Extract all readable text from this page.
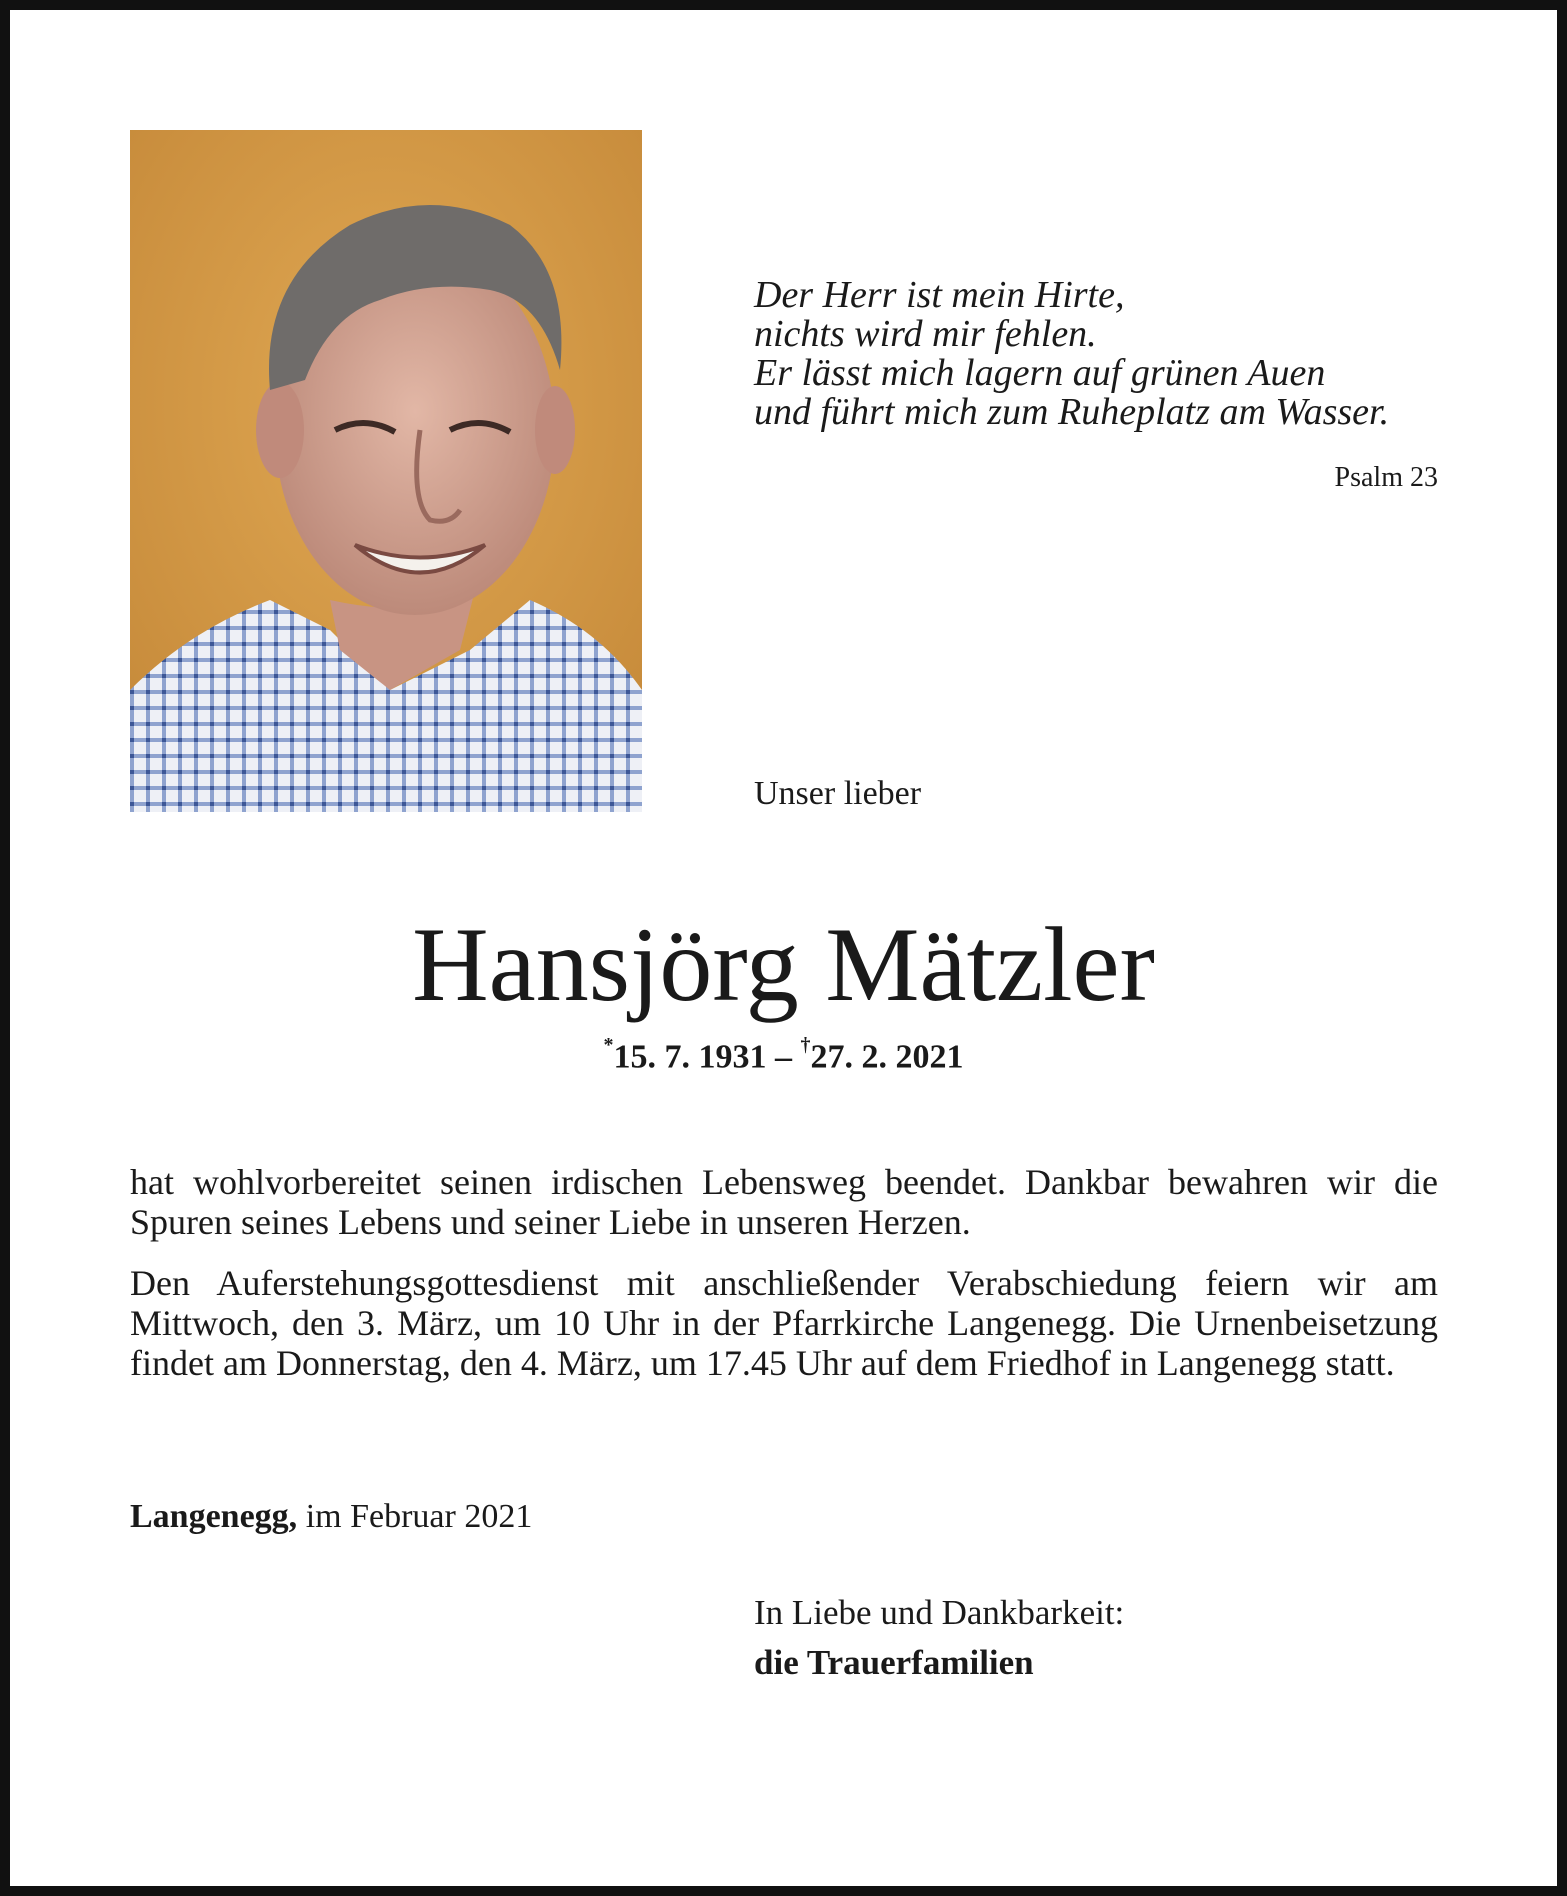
Der Herr ist mein Hirte,
nichts wird mir fehlen.
Er lässt mich lagern auf grünen Auen
und führt mich zum Ruheplatz am Wasser.
Psalm 23
Unser lieber
Hansjörg Mätzler
*15. 7. 1931 – †27. 2. 2021
hat wohlvorbereitet seinen irdischen Lebensweg beendet. Dankbar bewahren wir die Spuren seines Lebens und seiner Liebe in unseren Herzen.
Den Auferstehungsgottesdienst mit anschließender Verabschiedung feiern wir am Mittwoch, den 3. März, um 10 Uhr in der Pfarrkirche Langenegg. Die Urnenbeisetzung findet am Donnerstag, den 4. März, um 17.45 Uhr auf dem Friedhof in Langenegg statt.
Langenegg, im Februar 2021
In Liebe und Dankbarkeit:
die Trauerfamilien
